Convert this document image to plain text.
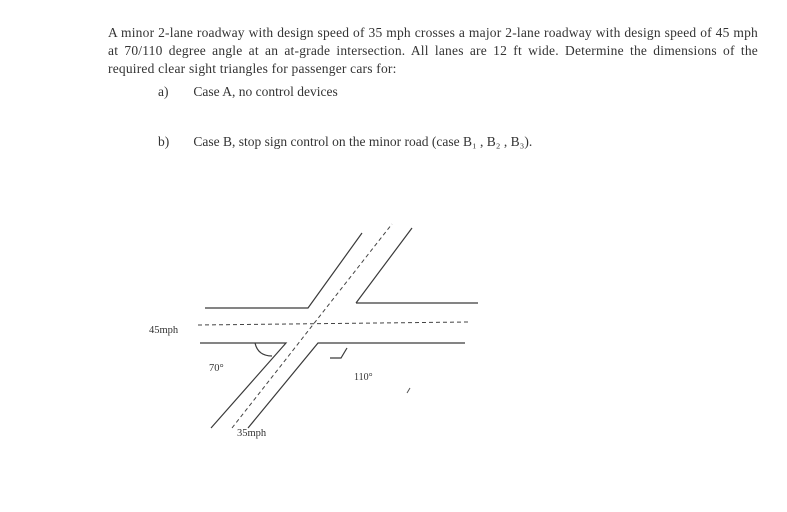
A minor 2-lane roadway with design speed of 35 mph crosses a major 2-lane roadway with design speed of 45 mph at 70/110 degree angle at an at-grade intersection. All lanes are 12 ft wide. Determine the dimensions of the required clear sight triangles for passenger cars for:

a) Case A, no control devices
b) Case B, stop sign control on the minor road (case B₁ , B₂ , B₃).
45mph
35mph
70°
110°
